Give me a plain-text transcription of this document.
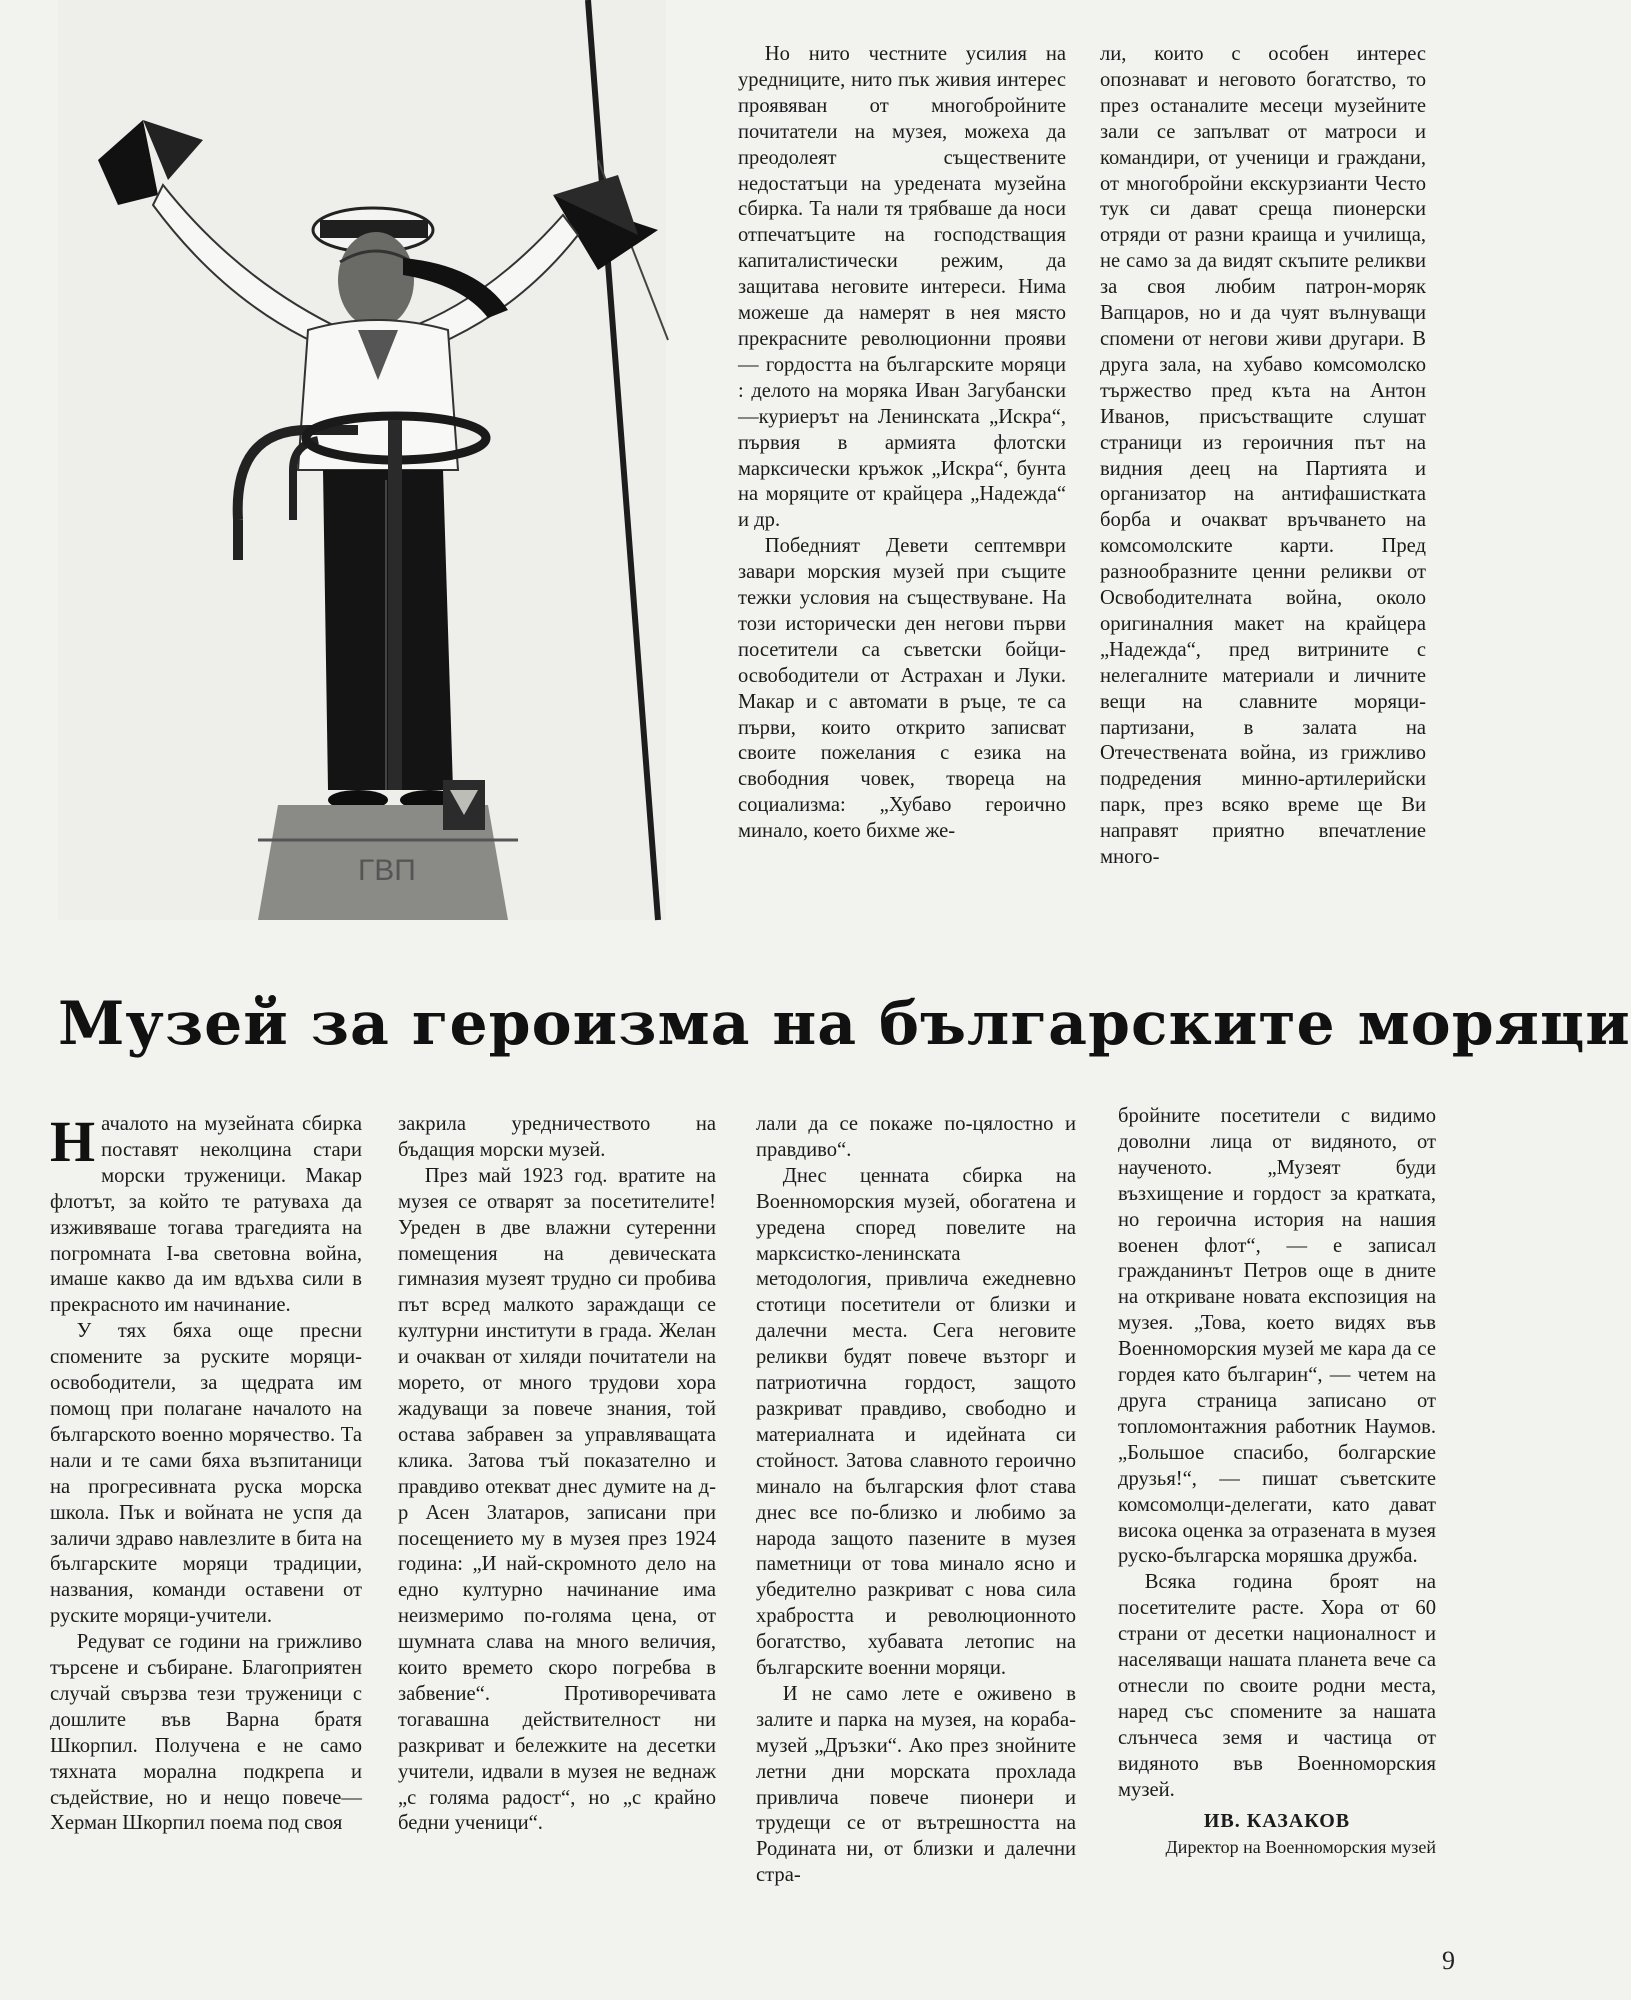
ГВП

Но нито честните усилия на уредниците, нито пък живия интерес проявяван от многобройните почитатели на музея, можеха да преодолеят съществените недостатъци на уредената музейна сбирка. Та нали тя трябваше да носи отпечатъците на господстващия капиталистически режим, да защитава неговите интереси. Нима можеше да намерят в нея място прекрасните революционни прояви — гордостта на българските моряци : делото на моряка Иван Загубански—куриерът на Ленинската „Искра“, първия в армията флотски марксически кръжок „Искра“, бунта на моряците от крайцера „Надежда“ и др.

Победният Девети септември завари морския музей при същите тежки условия на съществуване. На този исторически ден негови първи посетители са съветски бойци-освободители от Астрахан и Луки. Макар и с автомати в ръце, те са първи, които открито записват своите пожелания с езика на свободния човек, твореца на социализма: „Хубаво героично минало, което бихме же-

ли, които с особен интерес опознават и неговото богатство, то през останалите месеци музейните зали се запълват от матроси и командири, от ученици и граждани, от многобройни екскурзианти Често тук си дават среща пионерски отряди от разни краища и училища, не само за да видят скъпите реликви за своя любим патрон-моряк Вапцаров, но и да чуят вълнуващи спомени от негови живи другари. В друга зала, на хубаво комсомолско тържество пред кътa на Антон Иванов, присъстващите слушат страници из героичния път на видния деец на Партията и организатор на антифашистката борба и очакват връчването на комсомолските карти. Пред разнообразните ценни реликви от Освободителната война, около оригиналния макет на крайцера „Надежда“, пред витрините с нелегалните материали и личните вещи на славните моряци-партизани, в залата на Отечествената война, из грижливо подредения минно-артилерийски парк, през всяко време ще Ви направят приятно впечатление много-

Музей за героизма на българските моряци

Началото на музейната сбирка поставят неколцина стари морски труженици. Макар флотът, за който те ратуваха да изживяваше тогава трагедията на погромната I-ва световна война, имаше какво да им вдъхва сили в прекрасното им начинание.

У тях бяха още пресни спомените за руските моряци-освободители, за щедрата им помощ при полагане началото на българското военно морячество. Та нали и те сами бяха възпитаници на прогресивната руска морска школа. Пък и войната не успя да заличи здраво навлезлите в бита на българските моряци традиции, названия, команди оставени от руските моряци-учители.

Редуват се години на грижливо търсене и събиране. Благоприятен случай свързва тези труженици с дошлите във Варна братя Шкорпил. Получена е не само тяхната морална подкрепа и съдействие, но и нещо повече—Херман Шкорпил поема под своя

закрила уредничеството на бъдащия морски музей.

През май 1923 год. вратите на музея се отварят за посетителите! Уреден в две влажни сутеренни помещения на девическата гимназия музеят трудно си пробива път всред малкото зараждащи се културни институти в града. Желан и очакван от хиляди почитатели на морето, от много трудови хора жадуващи за повече знания, той остава забравен за управляващата клика. Затова тъй показателно и правдиво отекват днес думите на д-р Асен Златаров, записани при посещението му в музея през 1924 година: „И най-скромното дело на едно културно начинание има неизмеримо по-голяма цена, от шумната слава на много величия, които времето скоро погребва в забвение“. Противоречивата тогавашна действителност ни разкриват и бележките на десетки учители, идвали в музея не веднаж „с голяма радост“, но „с крайно бедни ученици“.

лали да се покаже по-цялостно и правдиво“.

Днес ценната сбирка на Военноморския музей, обогатена и уредена според повелите на марксистко-ленинската методология, привлича ежедневно стотици посетители от близки и далечни места. Сега неговите реликви будят повече възторг и патриотична гордост, защото разкриват правдиво, свободно и материалната и идейната си стойност. Затова славното героично минало на българския флот става днес все по-близко и любимо за народа защото пазените в музея паметници от това минало ясно и убедително разкриват с нова сила храбростта и революционното богатство, хубавата летопис на българските военни моряци.

И не само лете е оживено в залите и парка на музея, на кораба-музей „Дръзки“. Ако през знойните летни дни морската прохлада привлича повече пионери и трудещи се от вътрешността на Родината ни, от близки и далечни стра-

бройните посетители с видимо доволни лица от видяното, от наученото. „Музеят буди възхищение и гордост за краткатa, но героична история на нашия военен флот“, — е записал гражданинът Петров още в дните на откриване новата експозиция на музея. „Това, което видях във Военноморския музей ме кара да се гордея като българин“, — четем на друга страница записано от топломонтажния работник Наумов. „Большое спасибо, болгарские друзья!“, — пишат съветските комсомолци-делегати, като дават висока оценка за отразената в музея руско-българска моряшка дружба.

Всяка година броят на посетителите расте. Хора от 60 страни от десетки националност и населяващи нашата планета вече са отнесли по своите родни места, наред със спомените за нашата слънчеса земя и частица от видяното във Военноморския музей.

ИВ. КАЗАКОВ
Директор на Военноморския музей
9
